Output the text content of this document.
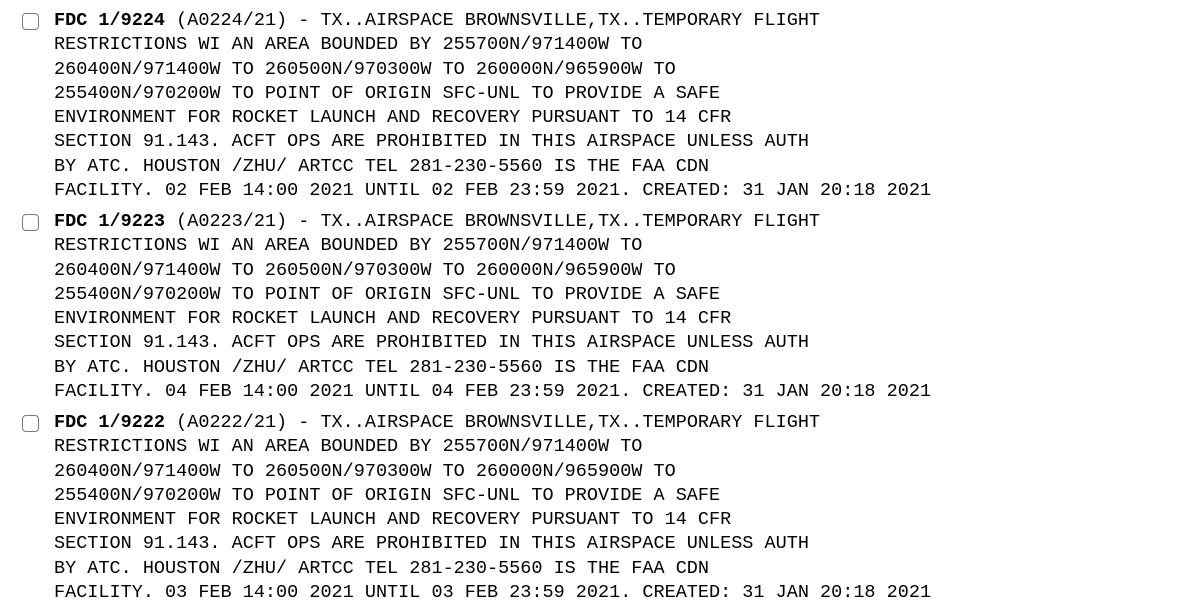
FDC 1/9224 (A0224/21) - TX..AIRSPACE BROWNSVILLE,TX..TEMPORARY FLIGHT
RESTRICTIONS WI AN AREA BOUNDED BY 255700N/971400W TO
260400N/971400W TO 260500N/970300W TO 260000N/965900W TO
255400N/970200W TO POINT OF ORIGIN SFC-UNL TO PROVIDE A SAFE
ENVIRONMENT FOR ROCKET LAUNCH AND RECOVERY PURSUANT TO 14 CFR
SECTION 91.143. ACFT OPS ARE PROHIBITED IN THIS AIRSPACE UNLESS AUTH
BY ATC. HOUSTON /ZHU/ ARTCC TEL 281-230-5560 IS THE FAA CDN
FACILITY. 02 FEB 14:00 2021 UNTIL 02 FEB 23:59 2021. CREATED: 31 JAN 20:18 2021
FDC 1/9223 (A0223/21) - TX..AIRSPACE BROWNSVILLE,TX..TEMPORARY FLIGHT
RESTRICTIONS WI AN AREA BOUNDED BY 255700N/971400W TO
260400N/971400W TO 260500N/970300W TO 260000N/965900W TO
255400N/970200W TO POINT OF ORIGIN SFC-UNL TO PROVIDE A SAFE
ENVIRONMENT FOR ROCKET LAUNCH AND RECOVERY PURSUANT TO 14 CFR
SECTION 91.143. ACFT OPS ARE PROHIBITED IN THIS AIRSPACE UNLESS AUTH
BY ATC. HOUSTON /ZHU/ ARTCC TEL 281-230-5560 IS THE FAA CDN
FACILITY. 04 FEB 14:00 2021 UNTIL 04 FEB 23:59 2021. CREATED: 31 JAN 20:18 2021
FDC 1/9222 (A0222/21) - TX..AIRSPACE BROWNSVILLE,TX..TEMPORARY FLIGHT
RESTRICTIONS WI AN AREA BOUNDED BY 255700N/971400W TO
260400N/971400W TO 260500N/970300W TO 260000N/965900W TO
255400N/970200W TO POINT OF ORIGIN SFC-UNL TO PROVIDE A SAFE
ENVIRONMENT FOR ROCKET LAUNCH AND RECOVERY PURSUANT TO 14 CFR
SECTION 91.143. ACFT OPS ARE PROHIBITED IN THIS AIRSPACE UNLESS AUTH
BY ATC. HOUSTON /ZHU/ ARTCC TEL 281-230-5560 IS THE FAA CDN
FACILITY. 03 FEB 14:00 2021 UNTIL 03 FEB 23:59 2021. CREATED: 31 JAN 20:18 2021
